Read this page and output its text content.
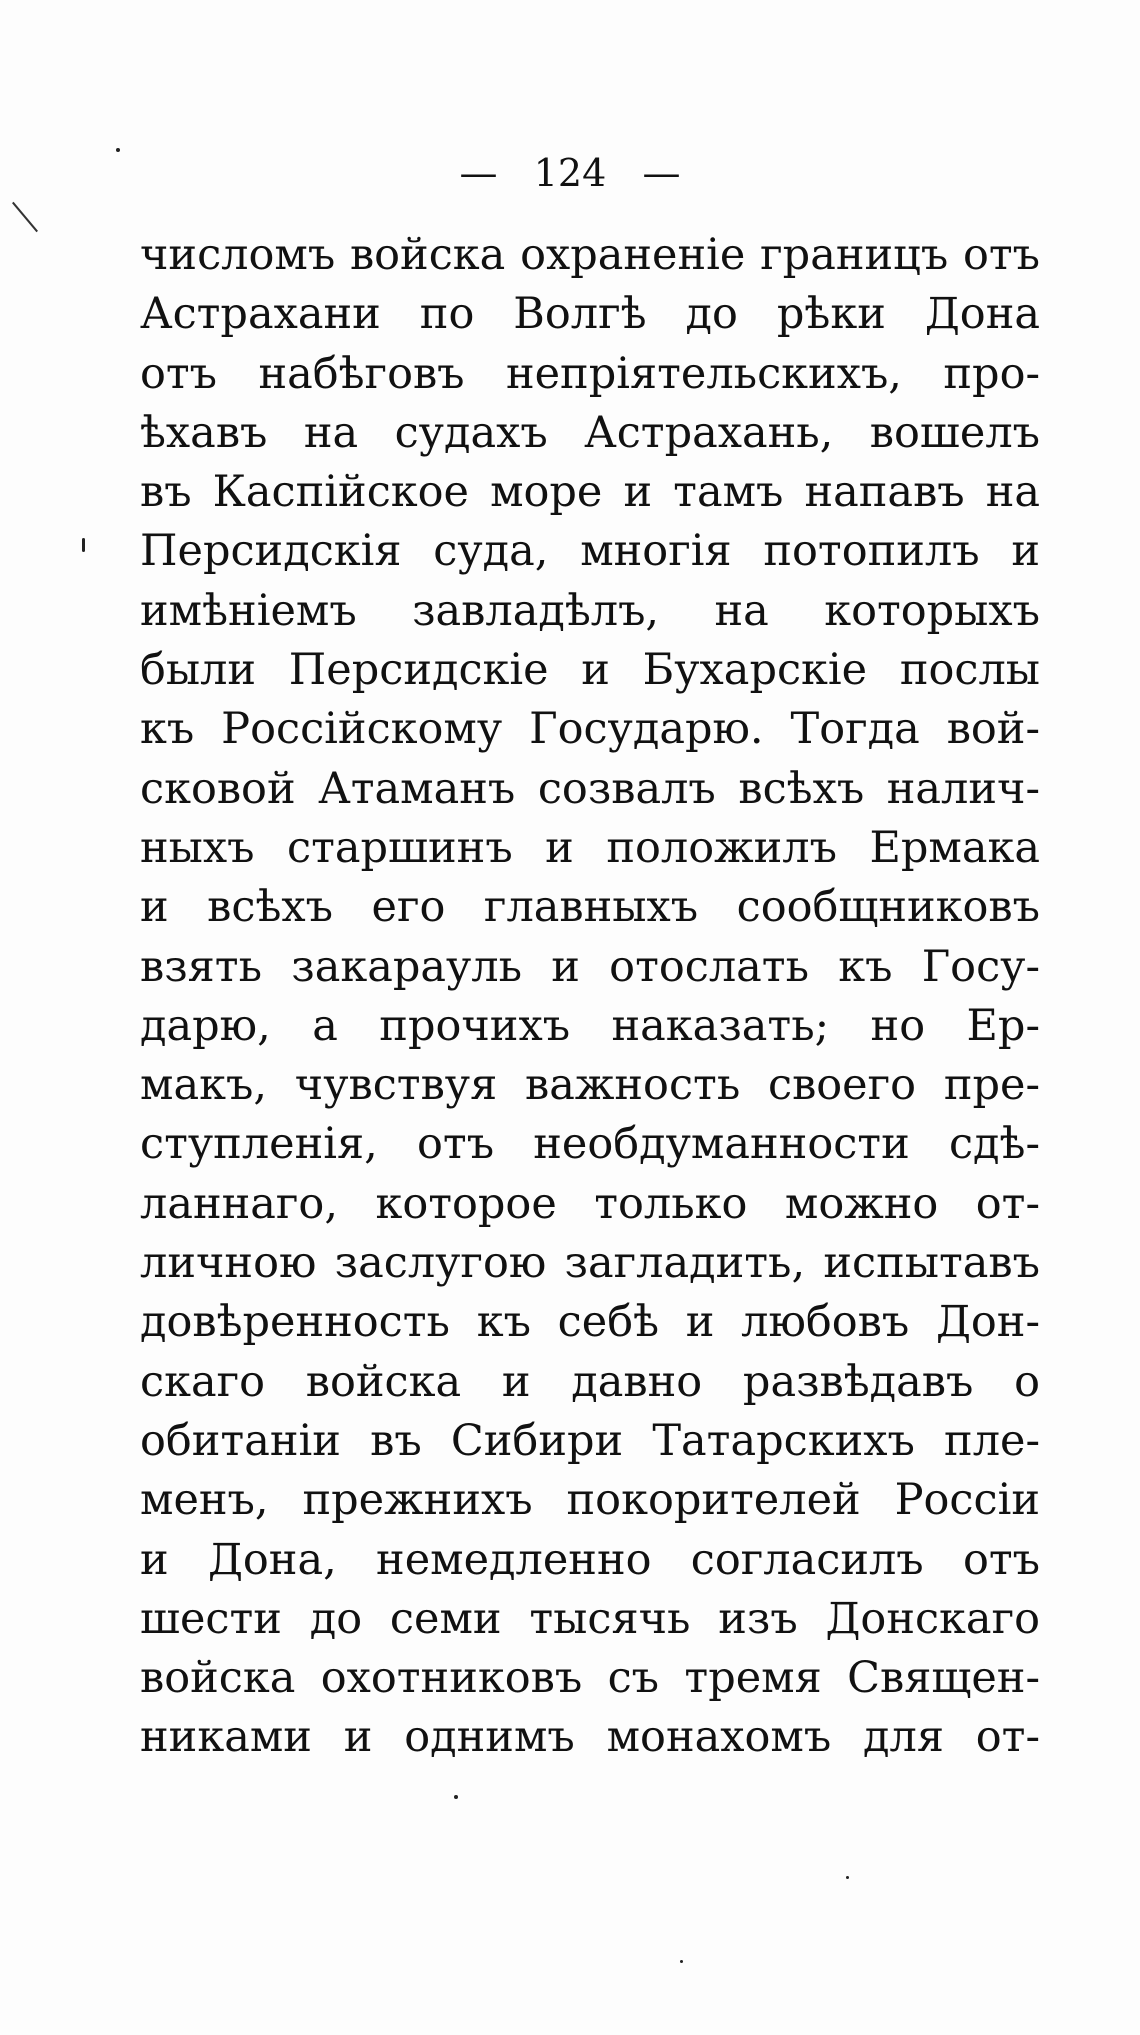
—   124   —
числомъ войска охраненiе границъ отъ
Астрахани по Волгѣ до рѣки Дона
отъ набѣговъ непрiятельскихъ, про-
ѣхавъ на судахъ Астрахань, вошелъ
въ Каспiйское море и тамъ напавъ на
Персидскiя суда, многiя потопилъ и
имѣнiемъ завладѣлъ, на которыхъ
были Персидскiе и Бухарскiе послы
къ Россiйскому Государю. Тогда вой-
сковой Атаманъ созвалъ всѣхъ налич-
ныхъ старшинъ и положилъ Ермака
и всѣхъ его главныхъ сообщниковъ
взять закарауль и отослать къ Госу-
дарю, а прочихъ наказать; но Ер-
макъ, чувствуя важность своего пре-
ступленiя, отъ необдуманности сдѣ-
ланнаго, которое только можно от-
личною заслугою загладить, испытавъ
довѣренность къ себѣ и любовъ Дон-
скаго войска и давно развѣдавъ о
обитанiи въ Сибири Татарскихъ пле-
менъ, прежнихъ покорителей Россiи
и Дона, немедленно согласилъ отъ
шести до семи тысячь изъ Донскаго
войска охотниковъ съ тремя Священ-
никами и однимъ монахомъ для от-
